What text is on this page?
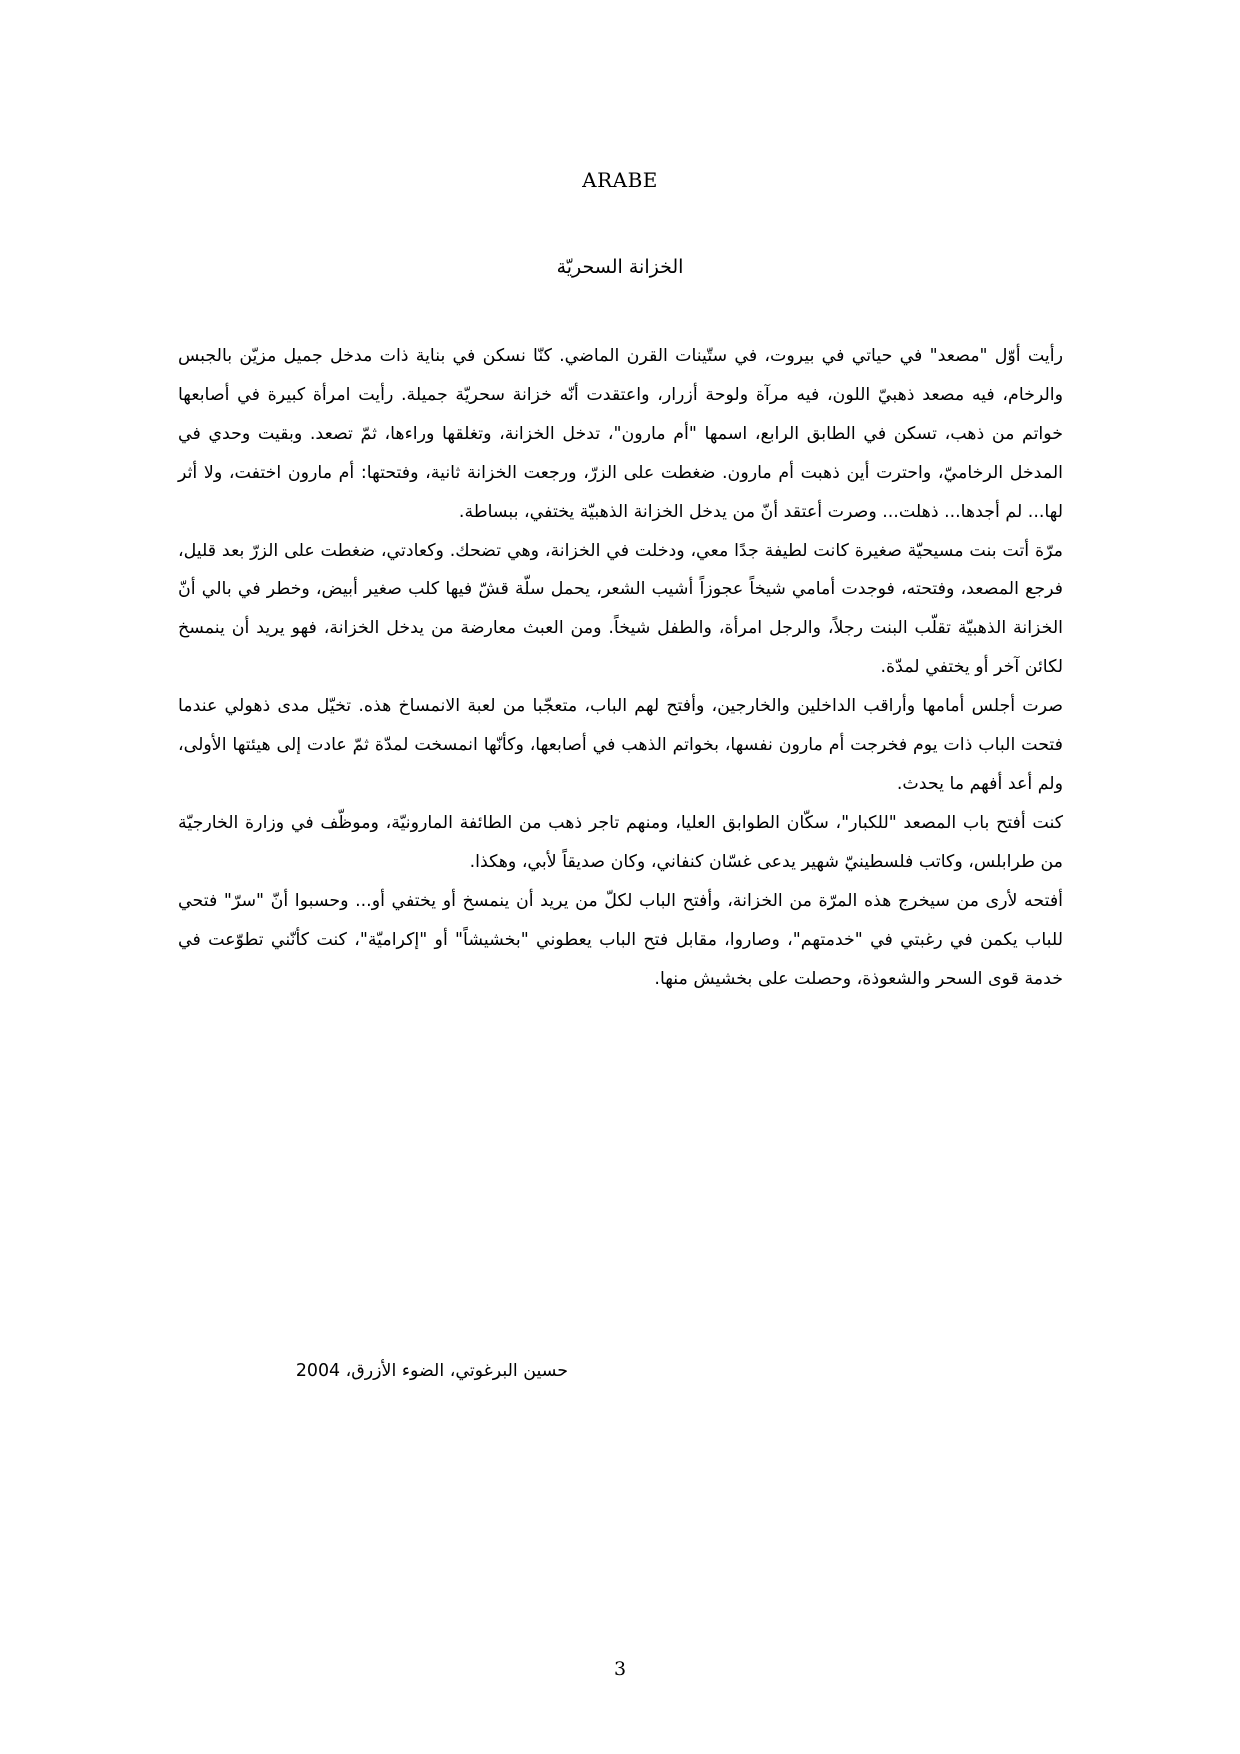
ARABE
الخزانة السحريّة

رأيت أوّل "مصعد" في حياتي في بيروت، في ستّينات القرن الماضي. كنّا نسكن في بناية ذات مدخل جميل مزيّن بالجبس والرخام، فيه مصعد ذهبيّ اللون، فيه مرآة ولوحة أزرار، واعتقدت أنّه خزانة سحريّة جميلة. رأيت امرأة كبيرة في أصابعها خواتم من ذهب، تسكن في الطابق الرابع، اسمها "أم مارون"، تدخل الخزانة، وتغلقها وراءها، ثمّ تصعد. وبقيت وحدي في المدخل الرخاميّ، واحترت أين ذهبت أم مارون. ضغطت على الزرّ، ورجعت الخزانة ثانية، وفتحتها: أم مارون اختفت، ولا أثر لها... لم أجدها... ذهلت... وصرت أعتقد أنّ من يدخل الخزانة الذهبيّة يختفي، ببساطة.

مرّة أتت بنت مسيحيّة صغيرة كانت لطيفة جدًا معي، ودخلت في الخزانة، وهي تضحك. وكعادتي، ضغطت على الزرّ بعد قليل، فرجع المصعد، وفتحته، فوجدت أمامي شيخاً عجوزاً أشيب الشعر، يحمل سلّة قشّ فيها كلب صغير أبيض، وخطر في بالي أنّ الخزانة الذهبيّة تقلّب البنت رجلاً، والرجل امرأة، والطفل شيخاً. ومن العبث معارضة من يدخل الخزانة، فهو يريد أن ينمسخ لكائن آخر أو يختفي لمدّة.

صرت أجلس أمامها وأراقب الداخلين والخارجين، وأفتح لهم الباب، متعجّبا من لعبة الانمساخ هذه. تخيّل مدى ذهولي عندما فتحت الباب ذات يوم فخرجت أم مارون نفسها، بخواتم الذهب في أصابعها، وكأنّها انمسخت لمدّة ثمّ عادت إلى هيئتها الأولى، ولم أعد أفهم ما يحدث.

كنت أفتح باب المصعد "للكبار"، سكّان الطوابق العليا، ومنهم تاجر ذهب من الطائفة المارونيّة، وموظّف في وزارة الخارجيّة من طرابلس، وكاتب فلسطينيّ شهير يدعى غسّان كنفاني، وكان صديقاً لأبي، وهكذا.

أفتحه لأرى من سيخرج هذه المرّة من الخزانة، وأفتح الباب لكلّ من يريد أن ينمسخ أو يختفي أو... وحسبوا أنّ "سرّ" فتحي للباب يكمن في رغبتي في "خدمتهم"، وصاروا، مقابل فتح الباب يعطوني "بخشيشاً" أو "إكراميّة"، كنت كأنّني تطوّعت في خدمة قوى السحر والشعوذة، وحصلت على بخشيش منها.

حسين البرغوتي، الضوء الأزرق، 2004
3
